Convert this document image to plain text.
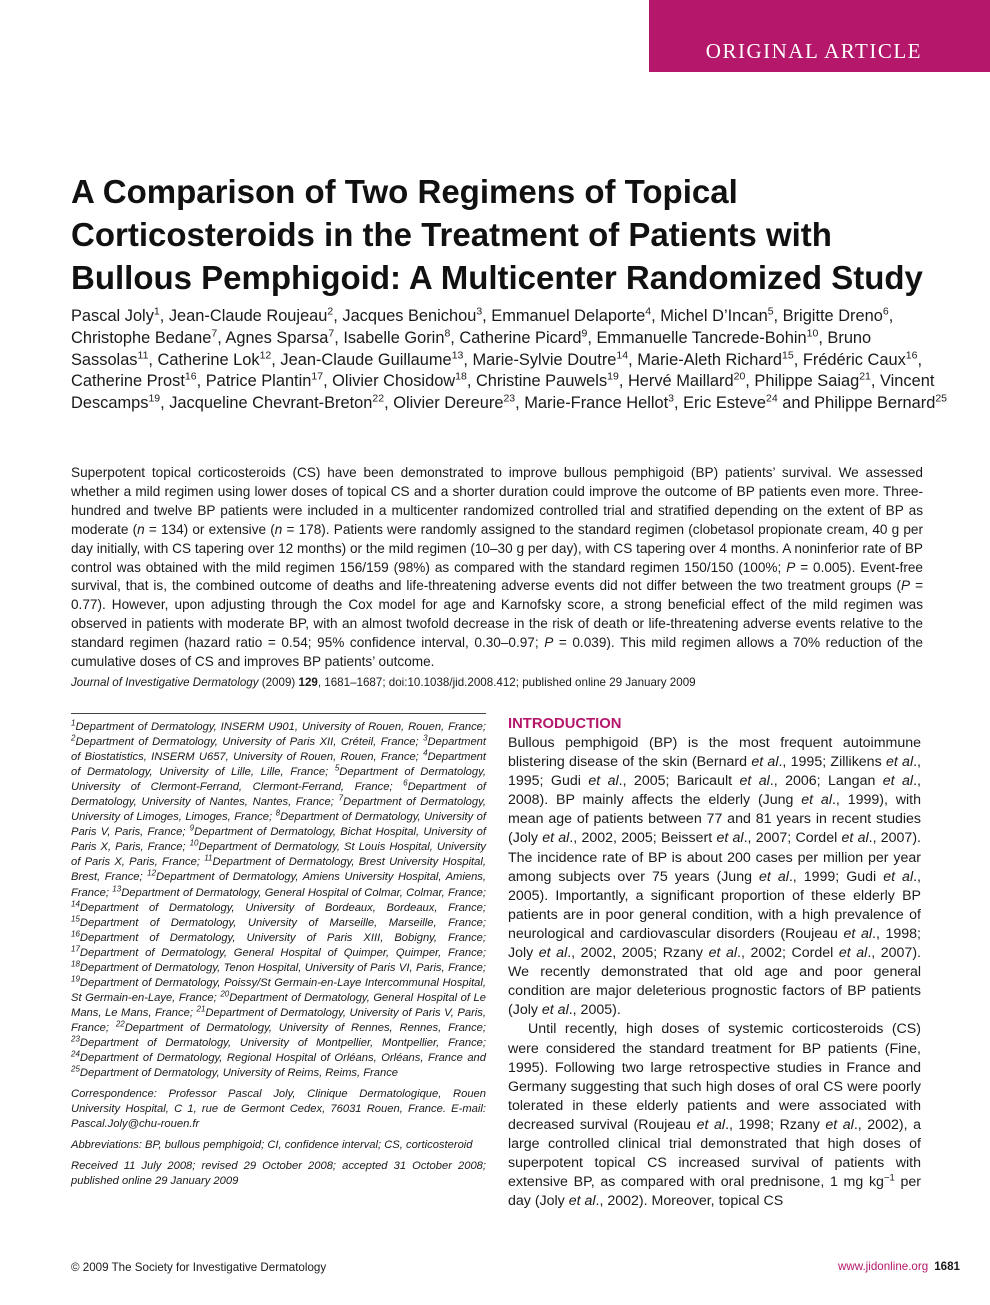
ORIGINAL ARTICLE
A Comparison of Two Regimens of Topical Corticosteroids in the Treatment of Patients with Bullous Pemphigoid: A Multicenter Randomized Study
Pascal Joly$^1$, Jean-Claude Roujeau$^2$, Jacques Benichou$^3$, Emmanuel Delaporte$^4$, Michel D’Incan$^5$, Brigitte Dreno$^6$, Christophe Bedane$^7$, Agnes Sparsa$^7$, Isabelle Gorin$^8$, Catherine Picard$^9$, Emmanuelle Tancrede-Bohin$^{10}$, Bruno Sassolas$^{11}$, Catherine Lok$^{12}$, Jean-Claude Guillaume$^{13}$, Marie-Sylvie Doutre$^{14}$, Marie-Aleth Richard$^{15}$, Frédéric Caux$^{16}$, Catherine Prost$^{16}$, Patrice Plantin$^{17}$, Olivier Chosidow$^{18}$, Christine Pauwels$^{19}$, Hervé Maillard$^{20}$, Philippe Saiag$^{21}$, Vincent Descamps$^{19}$, Jacqueline Chevrant-Breton$^{22}$, Olivier Dereure$^{23}$, Marie-France Hellot$^3$, Eric Esteve$^{24}$ and Philippe Bernard$^{25}$

Superpotent topical corticosteroids (CS) have been demonstrated to improve bullous pemphigoid (BP) patients’ survival. We assessed whether a mild regimen using lower doses of topical CS and a shorter duration could improve the outcome of BP patients even more. Three-hundred and twelve BP patients were included in a multicenter randomized controlled trial and stratified depending on the extent of BP as moderate (n = 134) or extensive (n = 178). Patients were randomly assigned to the standard regimen (clobetasol propionate cream, 40 g per day initially, with CS tapering over 12 months) or the mild regimen (10–30 g per day), with CS tapering over 4 months. A noninferior rate of BP control was obtained with the mild regimen 156/159 (98%) as compared with the standard regimen 150/150 (100%; P = 0.005). Event-free survival, that is, the combined outcome of deaths and life-threatening adverse events did not differ between the two treatment groups (P = 0.77). However, upon adjusting through the Cox model for age and Karnofsky score, a strong beneficial effect of the mild regimen was observed in patients with moderate BP, with an almost twofold decrease in the risk of death or life-threatening adverse events relative to the standard regimen (hazard ratio = 0.54; 95% confidence interval, 0.30–0.97; P = 0.039). This mild regimen allows a 70% reduction of the cumulative doses of CS and improves BP patients’ outcome.

Journal of Investigative Dermatology (2009) 129, 1681–1687; doi:10.1038/jid.2008.412; published online 29 January 2009

$^1$Department of Dermatology, INSERM U901, University of Rouen, Rouen, France; $^2$Department of Dermatology, University of Paris XII, Créteil, France; $^3$Department of Biostatistics, INSERM U657, University of Rouen, Rouen, France; $^4$Department of Dermatology, University of Lille, Lille, France; $^5$Department of Dermatology, University of Clermont-Ferrand, Clermont-Ferrand, France; $^6$Department of Dermatology, University of Nantes, Nantes, France; $^7$Department of Dermatology, University of Limoges, Limoges, France; $^8$Department of Dermatology, University of Paris V, Paris, France; $^9$Department of Dermatology, Bichat Hospital, University of Paris X, Paris, France; $^{10}$Department of Dermatology, St Louis Hospital, University of Paris X, Paris, France; $^{11}$Department of Dermatology, Brest University Hospital, Brest, France; $^{12}$Department of Dermatology, Amiens University Hospital, Amiens, France; $^{13}$Department of Dermatology, General Hospital of Colmar, Colmar, France; $^{14}$Department of Dermatology, University of Bordeaux, Bordeaux, France; $^{15}$Department of Dermatology, University of Marseille, Marseille, France; $^{16}$Department of Dermatology, University of Paris XIII, Bobigny, France; $^{17}$Department of Dermatology, General Hospital of Quimper, Quimper, France; $^{18}$Department of Dermatology, Tenon Hospital, University of Paris VI, Paris, France; $^{19}$Department of Dermatology, Poissy/St Germain-en-Laye Intercommunal Hospital, St Germain-en-Laye, France; $^{20}$Department of Dermatology, General Hospital of Le Mans, Le Mans, France; $^{21}$Department of Dermatology, University of Paris V, Paris, France; $^{22}$Department of Dermatology, University of Rennes, Rennes, France; $^{23}$Department of Dermatology, University of Montpellier, Montpellier, France; $^{24}$Department of Dermatology, Regional Hospital of Orléans, Orléans, France and $^{25}$Department of Dermatology, University of Reims, Reims, France

Correspondence: Professor Pascal Joly, Clinique Dermatologique, Rouen University Hospital, C 1, rue de Germont Cedex, 76031 Rouen, France. E-mail: Pascal.Joly@chu-rouen.fr

Abbreviations: BP, bullous pemphigoid; CI, confidence interval; CS, corticosteroid

Received 11 July 2008; revised 29 October 2008; accepted 31 October 2008; published online 29 January 2009

INTRODUCTION

Bullous pemphigoid (BP) is the most frequent autoimmune blistering disease of the skin (Bernard et al., 1995; Zillikens et al., 1995; Gudi et al., 2005; Baricault et al., 2006; Langan et al., 2008). BP mainly affects the elderly (Jung et al., 1999), with mean age of patients between 77 and 81 years in recent studies (Joly et al., 2002, 2005; Beissert et al., 2007; Cordel et al., 2007). The incidence rate of BP is about 200 cases per million per year among subjects over 75 years (Jung et al., 1999; Gudi et al., 2005). Importantly, a significant proportion of these elderly BP patients are in poor general condition, with a high prevalence of neurological and cardiovascular disorders (Roujeau et al., 1998; Joly et al., 2002, 2005; Rzany et al., 2002; Cordel et al., 2007). We recently demonstrated that old age and poor general condition are major deleterious prognostic factors of BP patients (Joly et al., 2005).

Until recently, high doses of systemic corticosteroids (CS) were considered the standard treatment for BP patients (Fine, 1995). Following two large retrospective studies in France and Germany suggesting that such high doses of oral CS were poorly tolerated in these elderly patients and were associated with decreased survival (Roujeau et al., 1998; Rzany et al., 2002), a large controlled clinical trial demonstrated that high doses of superpotent topical CS increased survival of patients with extensive BP, as compared with oral prednisone, 1 mg $kg^{-1}$ per day (Joly et al., 2002). Moreover, topical CS

© 2009 The Society for Investigative Dermatology	www.jidonline.org 1681
